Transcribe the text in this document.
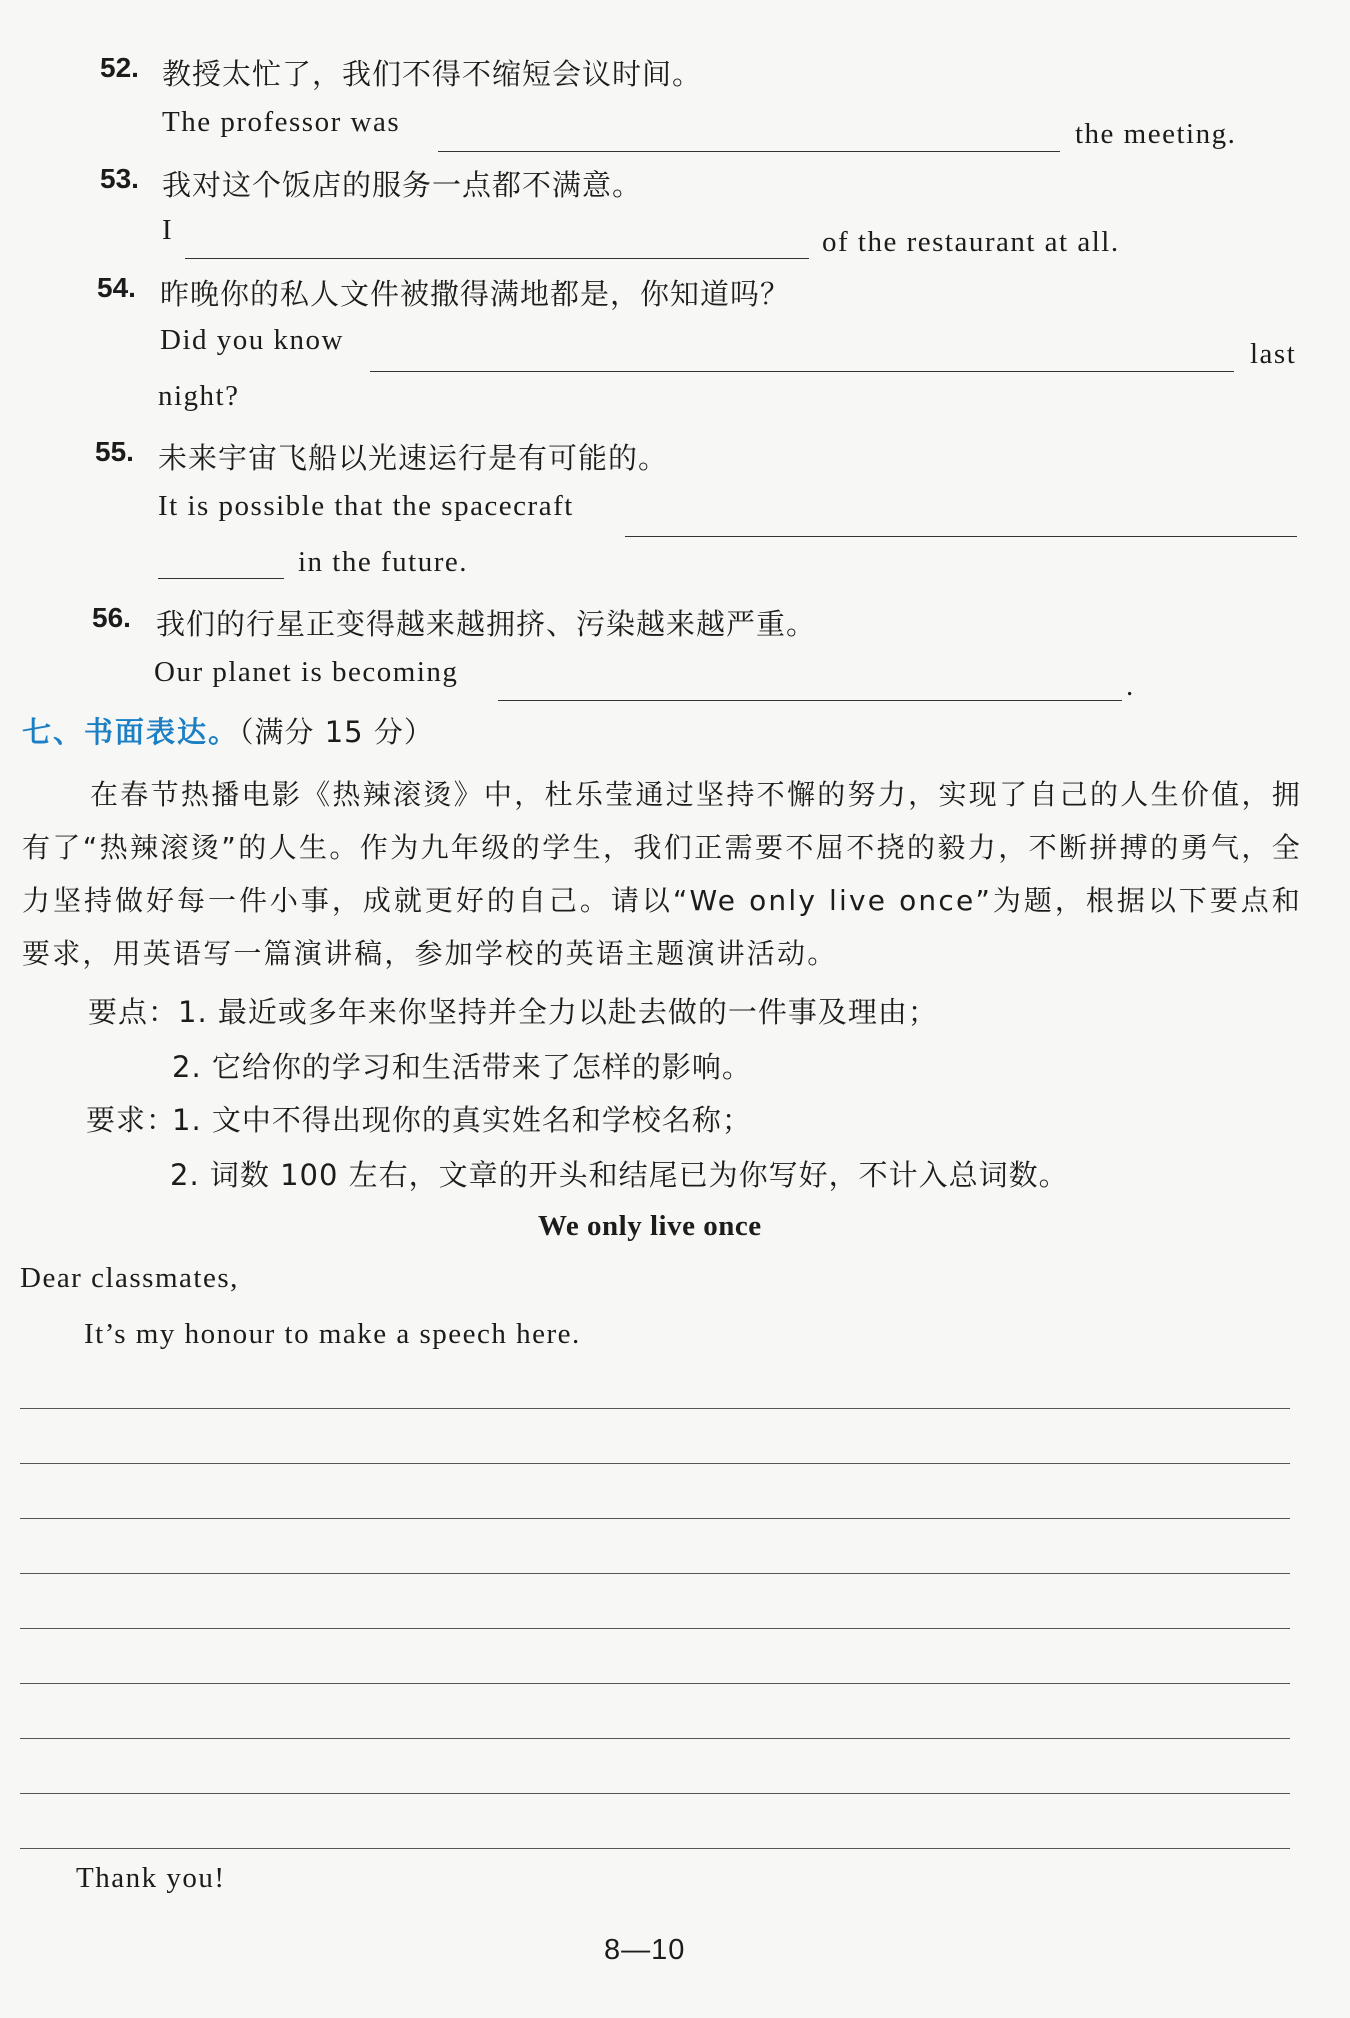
52. 教授太忙了，我们不得不缩短会议时间。
The professor was	the meeting.
53. 我对这个饭店的服务一点都不满意。
I	of the restaurant at all.
54. 昨晚你的私人文件被撒得满地都是，你知道吗？
Did you know	last
night?
55. 未来宇宙飞船以光速运行是有可能的。
It is possible that the spacecraft
in the future.
56. 我们的行星正变得越来越拥挤、污染越来越严重。
Our planet is becoming	.
七、书面表达。（满分 15 分）
在春节热播电影《热辣滚烫》中，杜乐莹通过坚持不懈的努力，实现了自己的人生价值，拥有了“热辣滚烫”的人生。作为九年级的学生，我们正需要不屈不挠的毅力，不断拼搏的勇气，全力坚持做好每一件小事，成就更好的自己。请以“We only live once”为题，根据以下要点和要求，用英语写一篇演讲稿，参加学校的英语主题演讲活动。
要点： 1. 最近或多年来你坚持并全力以赴去做的一件事及理由；
2. 它给你的学习和生活带来了怎样的影响。
要求：
1. 文中不得出现你的真实姓名和学校名称；
2. 词数 100 左右，文章的开头和结尾已为你写好，不计入总词数。
We only live once
Dear classmates,
It’s my honour to make a speech here.
Thank you!
8—10
